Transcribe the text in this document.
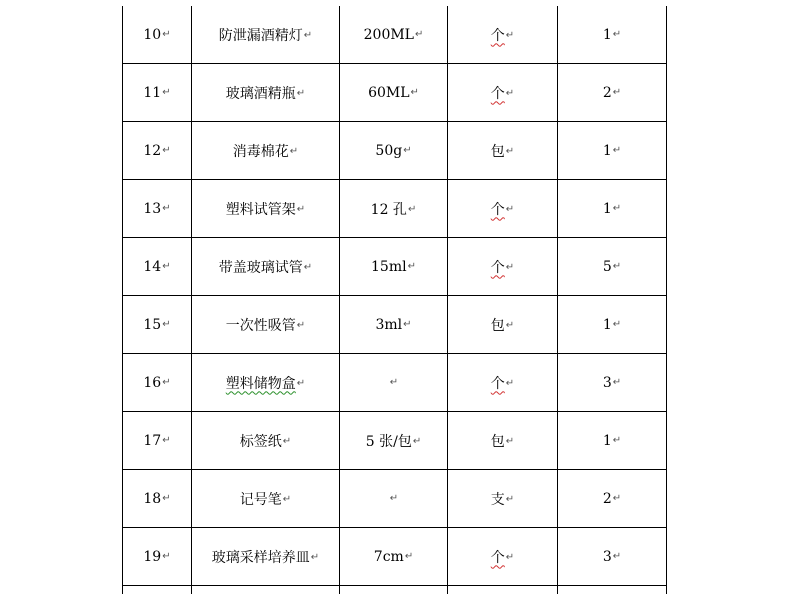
10↵	防泄漏酒精灯↵	200ML↵	个↵	1↵
11↵	玻璃酒精瓶↵	60ML↵	个↵	2↵
12↵	消毒棉花↵	50g↵	包↵	1↵
13↵	塑料试管架↵	12 孔↵	个↵	1↵
14↵	带盖玻璃试管↵	15ml↵	个↵	5↵
15↵	一次性吸管↵	3ml↵	包↵	1↵
16↵	塑料储物盒↵	↵	个↵	3↵
17↵	标签纸↵	5 张/包↵	包↵	1↵
18↵	记号笔↵	↵	支↵	2↵
19↵	玻璃采样培养皿↵	7cm↵	个↵	3↵
